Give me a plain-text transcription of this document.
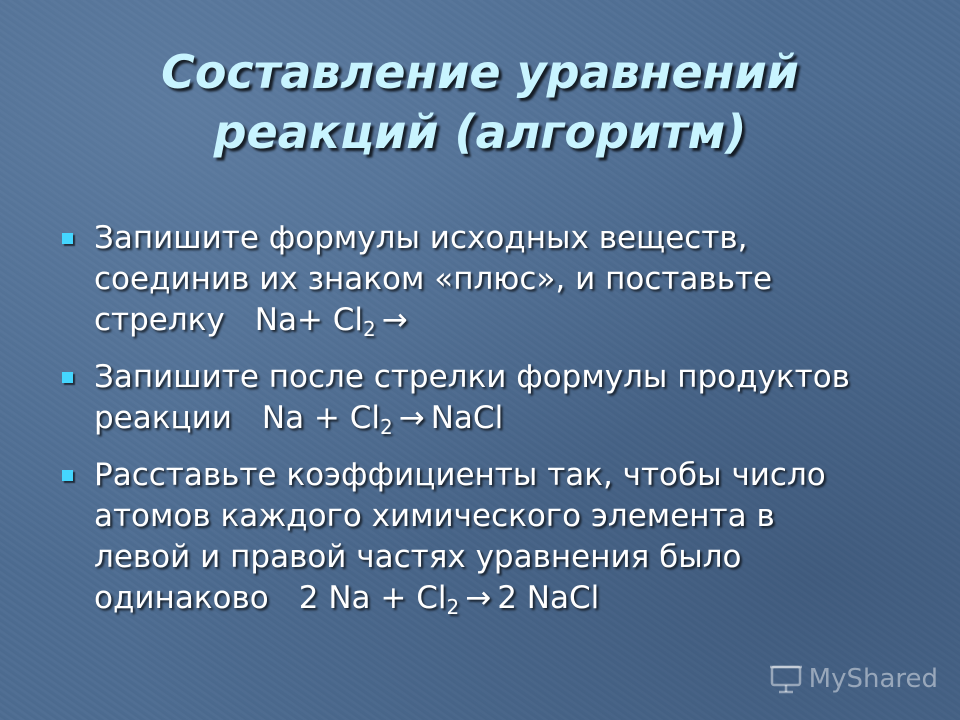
Составление уравнений
реакций (алгоритм)
Запишите формулы исходных веществ,
соединив их знаком «плюс», и поставьте
стрелку $Na+ Cl_2$ →
Запишите после стрелки формулы продуктов
реакции $Na + Cl_2$ → NaCl
Расставьте коэффициенты так, чтобы число
атомов каждого химического элемента в
левой и правой частях уравнения было
одинаково 2 $Na + Cl_2 \to 2$ NaCl
MyShared
